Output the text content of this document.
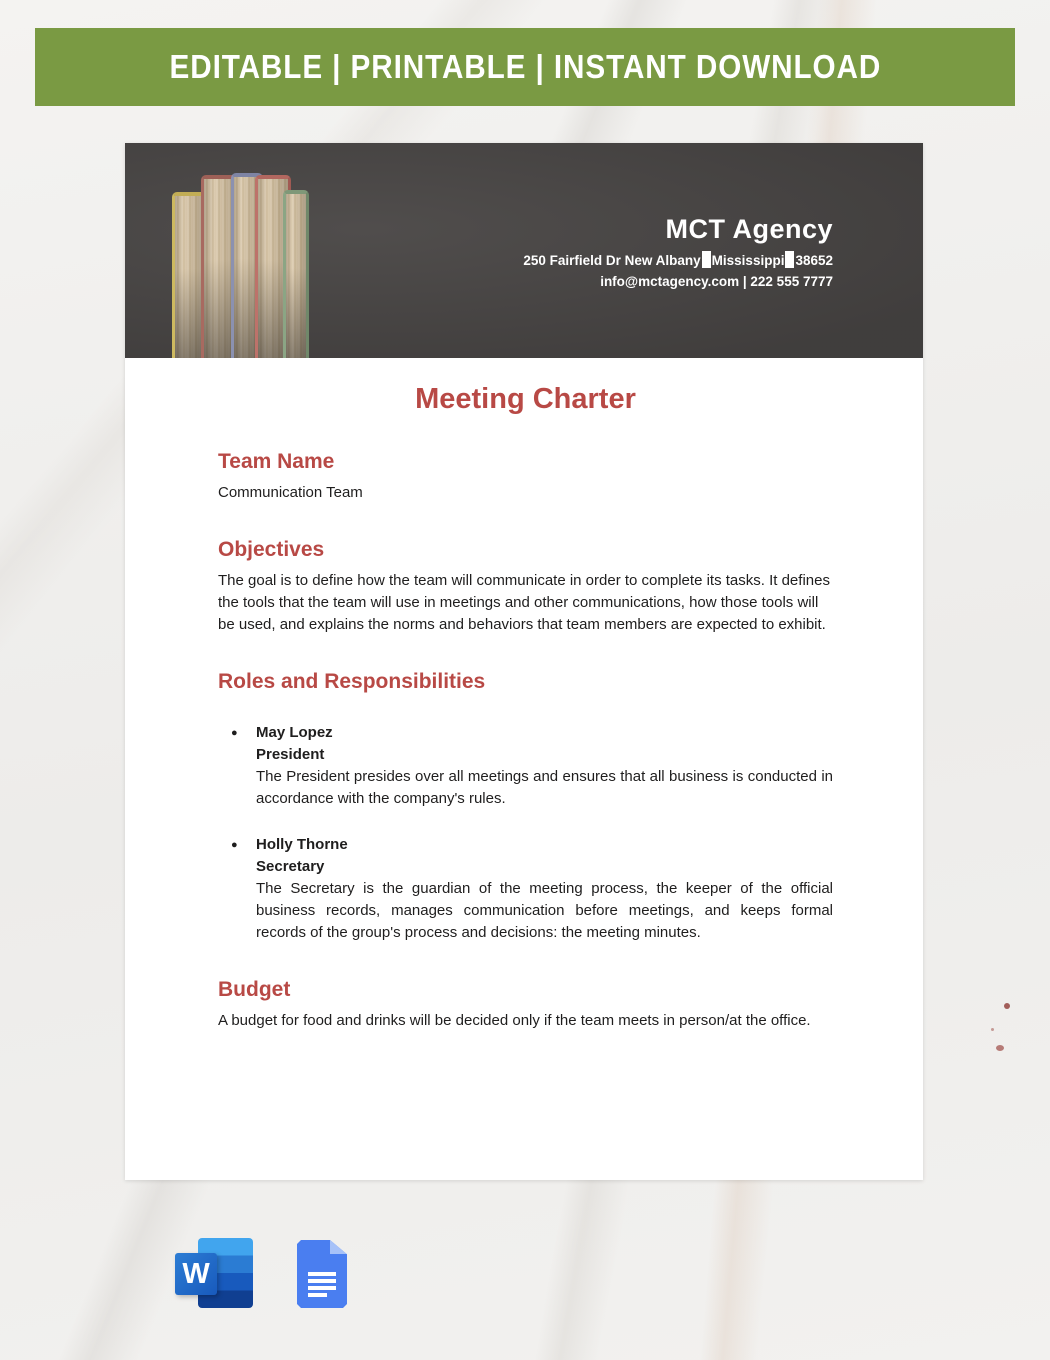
EDITABLE | PRINTABLE | INSTANT DOWNLOAD
MCT Agency
250 Fairfield Dr New Albany Mississippi 38652
info@mctagency.com | 222 555 7777
Meeting Charter
Team Name
Communication Team
Objectives
The goal is to define how the team will communicate in order to complete its tasks. It defines the tools that the team will use in meetings and other communications, how those tools will be used, and explains the norms and behaviors that team members are expected to exhibit.
Roles and Responsibilities
●	May Lopez
President
The President presides over all meetings and ensures that all business is conducted in accordance with the company's rules.
●	Holly Thorne
Secretary
The Secretary is the guardian of the meeting process, the keeper of the official business records, manages communication before meetings, and keeps formal records of the group's process and decisions: the meeting minutes.
Budget
A budget for food and drinks will be decided only if the team meets in person/at the office.
W
